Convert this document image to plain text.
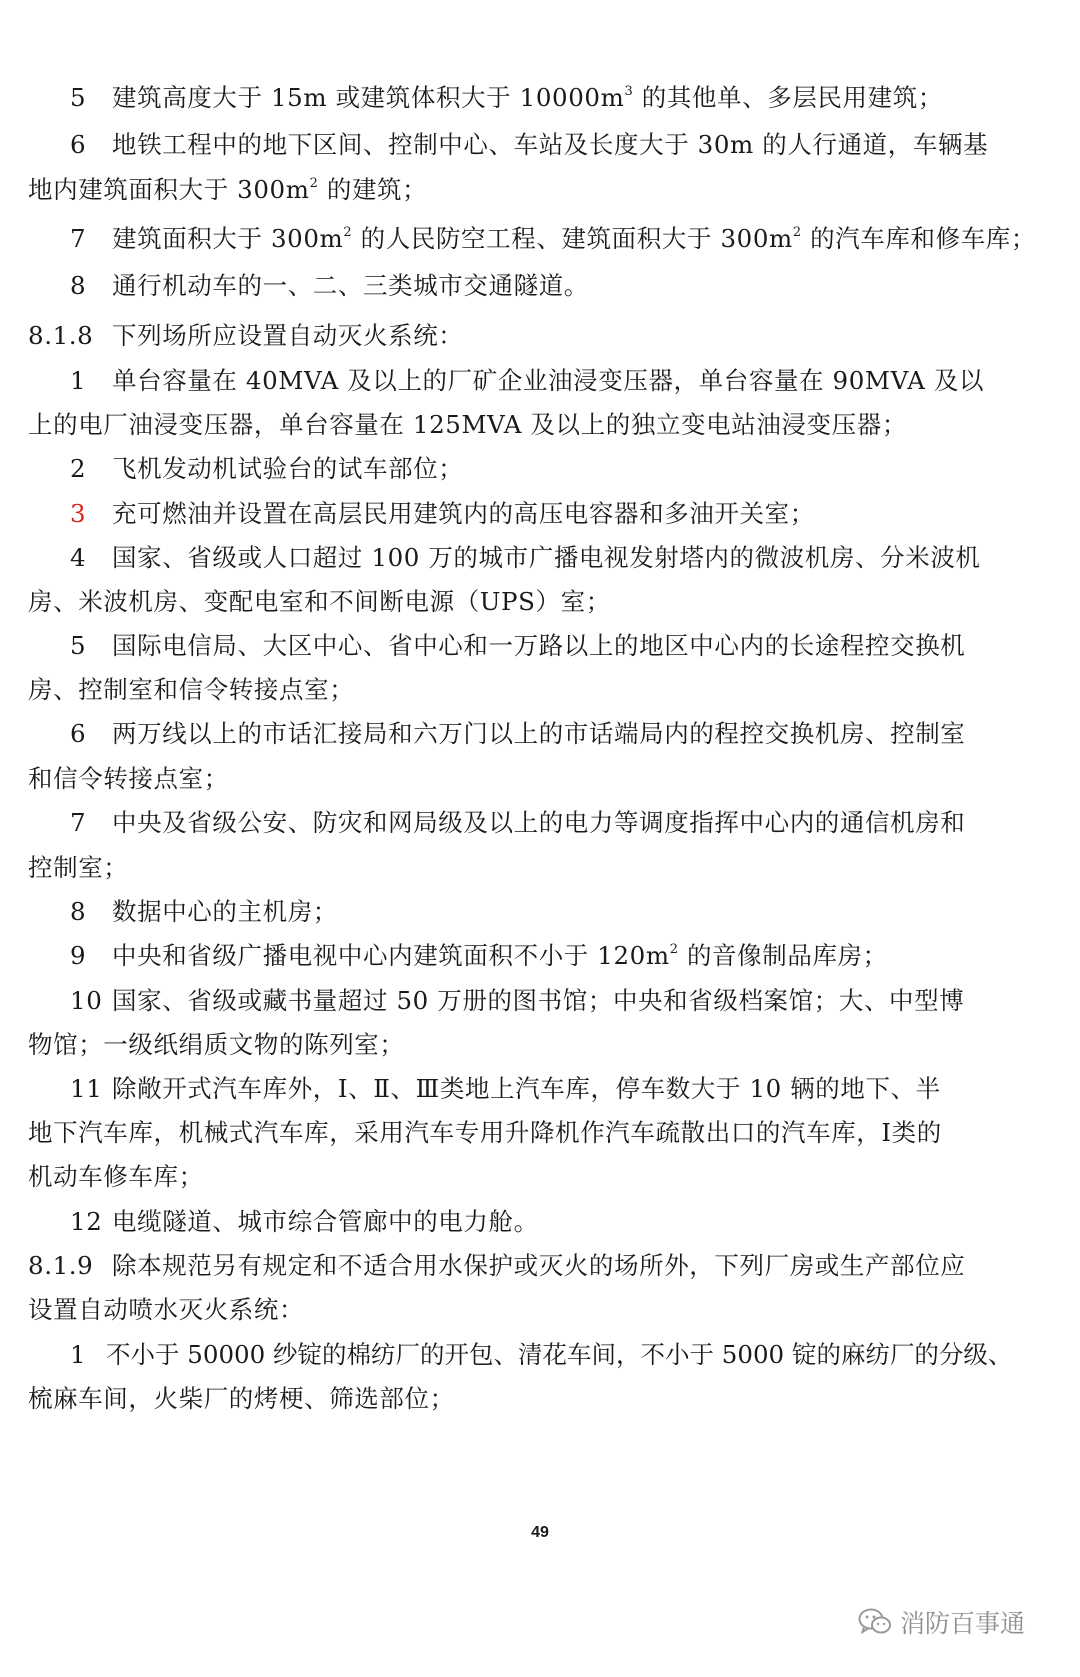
5 建筑高度大于 15m 或建筑体积大于 $10000m^3$ 的其他单、多层民用建筑；
6 地铁工程中的地下区间、控制中心、车站及长度大于 30m 的人行通道，车辆基
地内建筑面积大于 $300m^2$ 的建筑；
7 建筑面积大于 $300m^2$ 的人民防空工程、建筑面积大于 $300m^2$ 的汽车库和修车库；
8 通行机动车的一、二、三类城市交通隧道。
8.1.8 下列场所应设置自动灭火系统：
1 单台容量在 40MVA 及以上的厂矿企业油浸变压器，单台容量在 90MVA 及以
上的电厂油浸变压器，单台容量在 125MVA 及以上的独立变电站油浸变压器；
2 飞机发动机试验台的试车部位；
3 充可燃油并设置在高层民用建筑内的高压电容器和多油开关室；
4 国家、省级或人口超过 100 万的城市广播电视发射塔内的微波机房、分米波机
房、米波机房、变配电室和不间断电源（UPS）室；
5 国际电信局、大区中心、省中心和一万路以上的地区中心内的长途程控交换机
房、控制室和信令转接点室；
6 两万线以上的市话汇接局和六万门以上的市话端局内的程控交换机房、控制室
和信令转接点室；
7 中央及省级公安、防灾和网局级及以上的电力等调度指挥中心内的通信机房和
控制室；
8 数据中心的主机房；
9 中央和省级广播电视中心内建筑面积不小于 $120m^2$ 的音像制品库房；
10 国家、省级或藏书量超过 50 万册的图书馆；中央和省级档案馆；大、中型博
物馆；一级纸绢质文物的陈列室；
11 除敞开式汽车库外，Ⅰ、Ⅱ、Ⅲ类地上汽车库，停车数大于 10 辆的地下、半
地下汽车库，机械式汽车库，采用汽车专用升降机作汽车疏散出口的汽车库，Ⅰ类的
机动车修车库；
12 电缆隧道、城市综合管廊中的电力舱。
8.1.9 除本规范另有规定和不适合用水保护或灭火的场所外，下列厂房或生产部位应
设置自动喷水灭火系统：
1 不小于 50000 纱锭的棉纺厂的开包、清花车间，不小于 5000 锭的麻纺厂的分级、
梳麻车间，火柴厂的烤梗、筛选部位；
49
消防百事通
